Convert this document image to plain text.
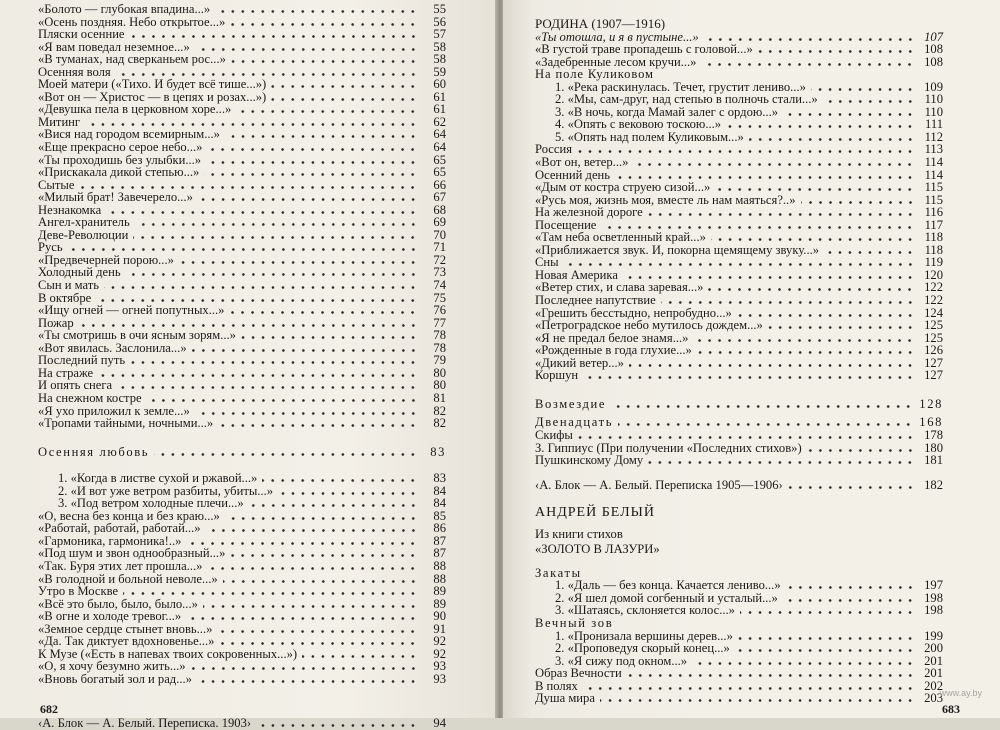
«Болото — глубокая впадина...»	55
«Осень поздняя. Небо открытое...»	56
Пляски осенние	57
«Я вам поведал неземное...»	58
«В туманах, над сверканьем рос...»	58
Осенняя воля	59
Моей матери («Тихо. И будет всё тише...»)	60
«Вот он — Христос — в цепях и розах...»)	61
«Девушка пела в церковном хоре...»	61
Митинг	62
«Вися над городом всемирным...»	64
«Еще прекрасно серое небо...»	64
«Ты проходишь без улыбки...»	65
«Прискакала дикой степью...»	65
Сытые	66
«Милый брат! Завечерело...»	67
Незнакомка	68
Ангел-хранитель	69
Деве-Революции	70
Русь	71
«Предвечерней порою...»	72
Холодный день	73
Сын и мать	74
В октябре	75
«Ищу огней — огней попутных...»	76
Пожар	77
«Ты смотришь в очи ясным зорям...»	78
«Вот явилась. Заслонила...»	78
Последний путь	79
На страже	80
И опять снега	80
На снежном костре	81
«Я ухо приложил к земле...»	82
«Тропами тайными, ночными...»	82
Осенняя любовь	83
1. «Когда в листве сухой и ржавой...»	83
2. «И вот уже ветром разбиты, убиты...»	84
3. «Под ветром холодные плечи...»	84
«О, весна без конца и без краю...»	85
«Работай, работай, работай...»	86
«Гармоника, гармоника!..»	87
«Под шум и звон однообразный...»	87
«Так. Буря этих лет прошла...»	88
«В голодной и больной неволе...»	88
Утро в Москве	89
«Всё это было, было, было...»	89
«В огне и холоде тревог...»	90
«Земное сердце стынет вновь...»	91
«Да. Так диктует вдохновенье...»	92
К Музе («Есть в напевах твоих сокровенных...»)	92
«О, я хочу безумно жить...»	93
«Вновь богатый зол и рад...»	93
‹А. Блок — А. Белый. Переписка. 1903›	94
682
РОДИНА (1907—1916)
«Ты отошла, и я в пустыне...»	107
«В густой траве пропадешь с головой...»	108
«Задебренные лесом кручи...»	108
На поле Куликовом
1. «Река раскинулась. Течет, грустит лениво...»	109
2. «Мы, сам-друг, над степью в полночь стали...»	110
3. «В ночь, когда Мамай залег с ордою...»	110
4. «Опять с вековою тоскою...»	111
5. «Опять над полем Куликовым...»	112
Россия	113
«Вот он, ветер...»	114
Осенний день	114
«Дым от костра струею сизой...»	115
«Русь моя, жизнь моя, вместе ль нам маяться?..»	115
На железной дороге	116
Посещение	117
«Там неба осветленный край...»	118
«Приближается звук. И, покорна щемящему звуку...»	118
Сны	119
Новая Америка	120
«Ветер стих, и слава заревая...»	122
Последнее напутствие	122
«Грешить бесстыдно, непробудно...»	124
«Петроградское небо мутилось дождем...»	125
«Я не предал белое знамя...»	125
«Рожденные в года глухие...»	126
«Дикий ветер...»	127
Коршун	127
Возмездие	128
Двенадцать	168
Скифы	178
З. Гиппиус (При получении «Последних стихов»)	180
Пушкинскому Дому	181
‹А. Блок — А. Белый. Переписка 1905—1906›	182
АНДРЕЙ БЕЛЫЙ
Из книги стихов
«ЗОЛОТО В ЛАЗУРИ»
Закаты
1. «Даль — без конца. Качается лениво...»	197
2. «Я шел домой согбенный и усталый...»	198
3. «Шатаясь, склоняется колос...»	198
Вечный зов
1. «Пронизала вершины дерев...»	199
2. «Проповедуя скорый конец...»	200
3. «Я сижу под окном...»	201
Образ Вечности	201
В полях	202
Душа мира	203
683
www.ay.by
